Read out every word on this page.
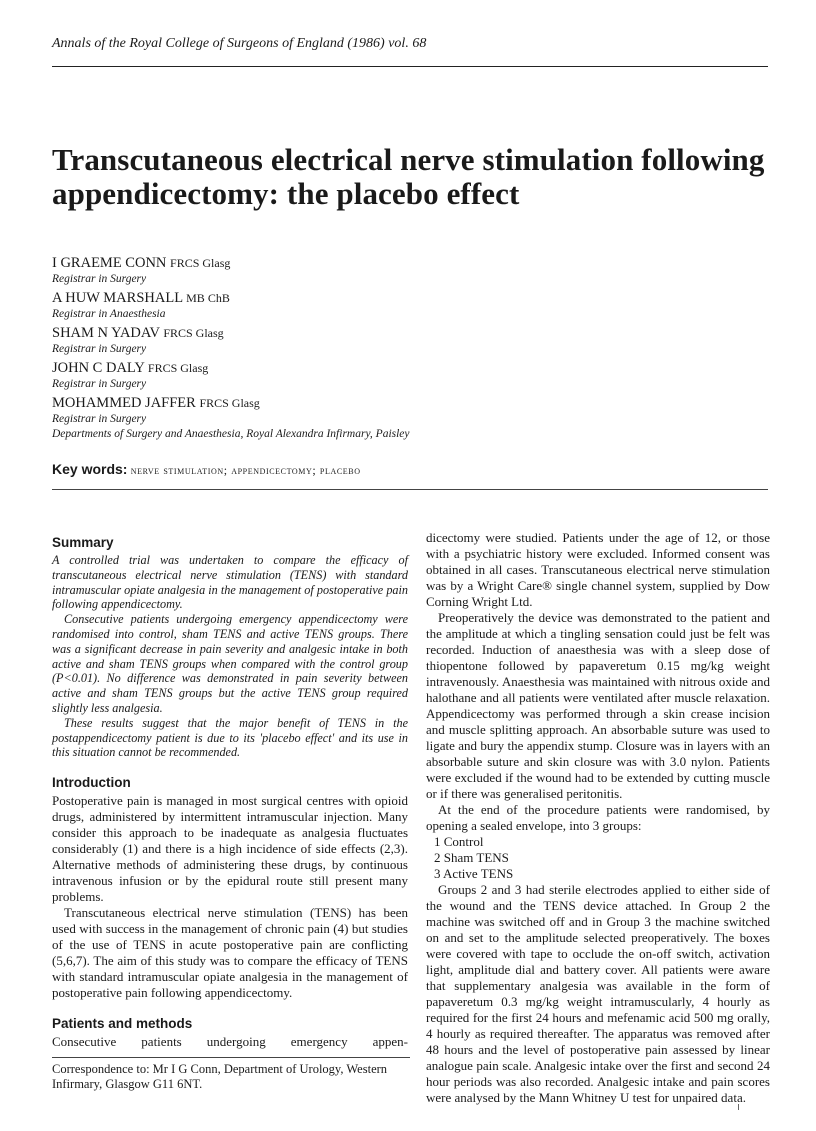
Annals of the Royal College of Surgeons of England (1986) vol. 68
Transcutaneous electrical nerve stimulation following appendicectomy: the placebo effect
I GRAEME CONN FRCS Glasg
Registrar in Surgery
A HUW MARSHALL MB ChB
Registrar in Anaesthesia
SHAM N YADAV FRCS Glasg
Registrar in Surgery
JOHN C DALY FRCS Glasg
Registrar in Surgery
MOHAMMED JAFFER FRCS Glasg
Registrar in Surgery
Departments of Surgery and Anaesthesia, Royal Alexandra Infirmary, Paisley
Key words: nerve stimulation; appendicectomy; placebo
Summary

A controlled trial was undertaken to compare the efficacy of transcutaneous electrical nerve stimulation (TENS) with standard intramuscular opiate analgesia in the management of postoperative pain following appendicectomy.

Consecutive patients undergoing emergency appendicectomy were randomised into control, sham TENS and active TENS groups. There was a significant decrease in pain severity and analgesic intake in both active and sham TENS groups when compared with the control group (P<0.01). No difference was demonstrated in pain severity between active and sham TENS groups but the active TENS group required slightly less analgesia.

These results suggest that the major benefit of TENS in the postappendicectomy patient is due to its 'placebo effect' and its use in this situation cannot be recommended.

Introduction

Postoperative pain is managed in most surgical centres with opioid drugs, administered by intermittent intramuscular injection. Many consider this approach to be inadequate as analgesia fluctuates considerably (1) and there is a high incidence of side effects (2,3). Alternative methods of administering these drugs, by continuous intravenous infusion or by the epidural route still present many problems.

Transcutaneous electrical nerve stimulation (TENS) has been used with success in the management of chronic pain (4) but studies of the use of TENS in acute postoperative pain are conflicting (5,6,7). The aim of this study was to compare the efficacy of TENS with standard intramuscular opiate analgesia in the management of postoperative pain following appendicectomy.

Patients and methods

Consecutive patients undergoing emergency appen-

dicectomy were studied. Patients under the age of 12, or those with a psychiatric history were excluded. Informed consent was obtained in all cases. Transcutaneous electrical nerve stimulation was by a Wright Care® single channel system, supplied by Dow Corning Wright Ltd.

Preoperatively the device was demonstrated to the patient and the amplitude at which a tingling sensation could just be felt was recorded. Induction of anaesthesia was with a sleep dose of thiopentone followed by papaveretum 0.15 mg/kg weight intravenously. Anaesthesia was maintained with nitrous oxide and halothane and all patients were ventilated after muscle relaxation. Appendicectomy was performed through a skin crease incision and muscle splitting approach. An absorbable suture was used to ligate and bury the appendix stump. Closure was in layers with an absorbable suture and skin closure was with 3.0 nylon. Patients were excluded if the wound had to be extended by cutting muscle or if there was generalised peritonitis.

At the end of the procedure patients were randomised, by opening a sealed envelope, into 3 groups:

1 Control
2 Sham TENS
3 Active TENS

Groups 2 and 3 had sterile electrodes applied to either side of the wound and the TENS device attached. In Group 2 the machine was switched off and in Group 3 the machine switched on and set to the amplitude selected preoperatively. The boxes were covered with tape to occlude the on-off switch, activation light, amplitude dial and battery cover. All patients were aware that supplementary analgesia was available in the form of papaveretum 0.3 mg/kg weight intramuscularly, 4 hourly as required for the first 24 hours and mefenamic acid 500 mg orally, 4 hourly as required thereafter. The apparatus was removed after 48 hours and the level of postoperative pain assessed by linear analogue pain scale. Analgesic intake over the first and second 24 hour periods was also recorded. Analgesic intake and pain scores were analysed by the Mann Whitney U test for unpaired data.

Correspondence to: Mr I G Conn, Department of Urology, Western Infirmary, Glasgow G11 6NT.
